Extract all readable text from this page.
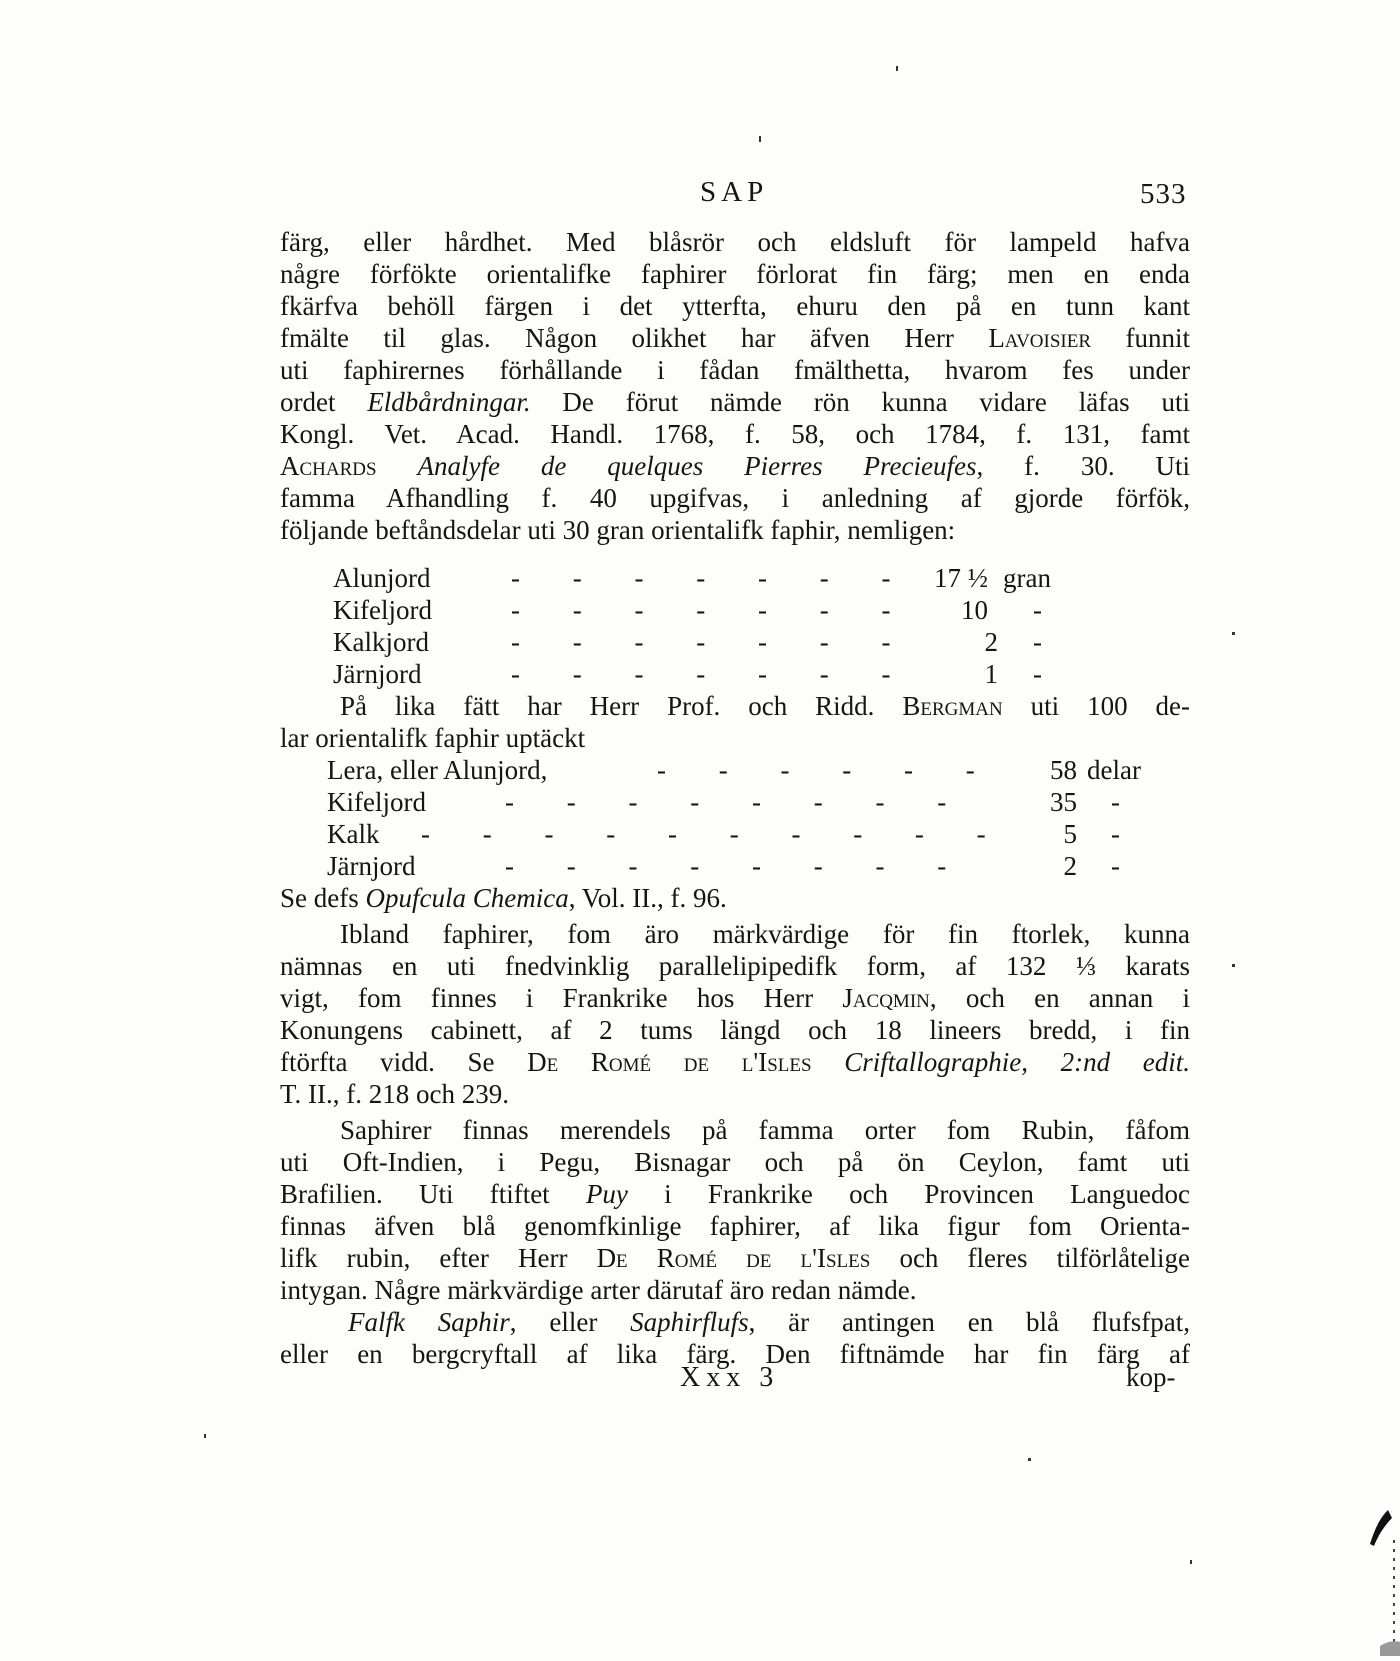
SAP	533
färg, eller hårdhet. Med blåsrör och eldsluft för lampeld hafva
någre förfökte orientalifke faphirer förlorat fin färg; men en enda
fkärfva behöll färgen i det ytterfta, ehuru den på en tunn kant
fmälte til glas. Någon olikhet har äfven Herr Lavoisier funnit
uti faphirernes förhållande i fådan fmälthetta, hvarom fes under
ordet Eldbårdningar. De förut nämde rön kunna vidare läfas uti
Kongl. Vet. Acad. Handl. 1768, f. 58, och 1784, f. 131, famt
Achards Analyfe de quelques Pierres Precieufes, f. 30. Uti
famma Afhandling f. 40 upgifvas, i anledning af gjorde förfök,
följande beftåndsdelar uti 30 gran orientalifk faphir, nemligen:
Alunjord	- - - - - - -	17 ½ gran
Kifeljord	- - - - - - -	10 -
Kalkjord	- - - - - - -	2 -
Järnjord	- - - - - - -	1 -
På lika fätt har Herr Prof. och Ridd. Bergman uti 100 de-
lar orientalifk faphir uptäckt
Lera, eller Alunjord,	- - - - - -	58 delar
Kifeljord	- - - - - - - -	35 -
Kalk - - - - - - - - - -	5 -
Järnjord	- - - - - - - -	2 -
Se defs Opufcula Chemica, Vol. II., f. 96.
Ibland faphirer, fom äro märkvärdige för fin ftorlek, kunna
nämnas en uti fnedvinklig parallelipipedifk form, af 132 ⅓ karats
vigt, fom finnes i Frankrike hos Herr Jacqmin, och en annan i
Konungens cabinett, af 2 tums längd och 18 lineers bredd, i fin
ftörfta vidd. Se De Romé de l'Isles Criftallographie, 2:nd edit.
T. II., f. 218 och 239.
Saphirer finnas merendels på famma orter fom Rubin, fåfom
uti Oft-Indien, i Pegu, Bisnagar och på ön Ceylon, famt uti
Brafilien. Uti ftiftet Puy i Frankrike och Provincen Languedoc
finnas äfven blå genomfkinlige faphirer, af lika figur fom Orienta-
lifk rubin, efter Herr De Romé de l'Isles och fleres tilförlåtelige
intygan. Någre märkvärdige arter därutaf äro redan nämde.
Falfk Saphir, eller Saphirflufs, är antingen en blå flufsfpat,
eller en bergcryftall af lika färg. Den fiftnämde har fin färg af
Xxx 3	kop-
